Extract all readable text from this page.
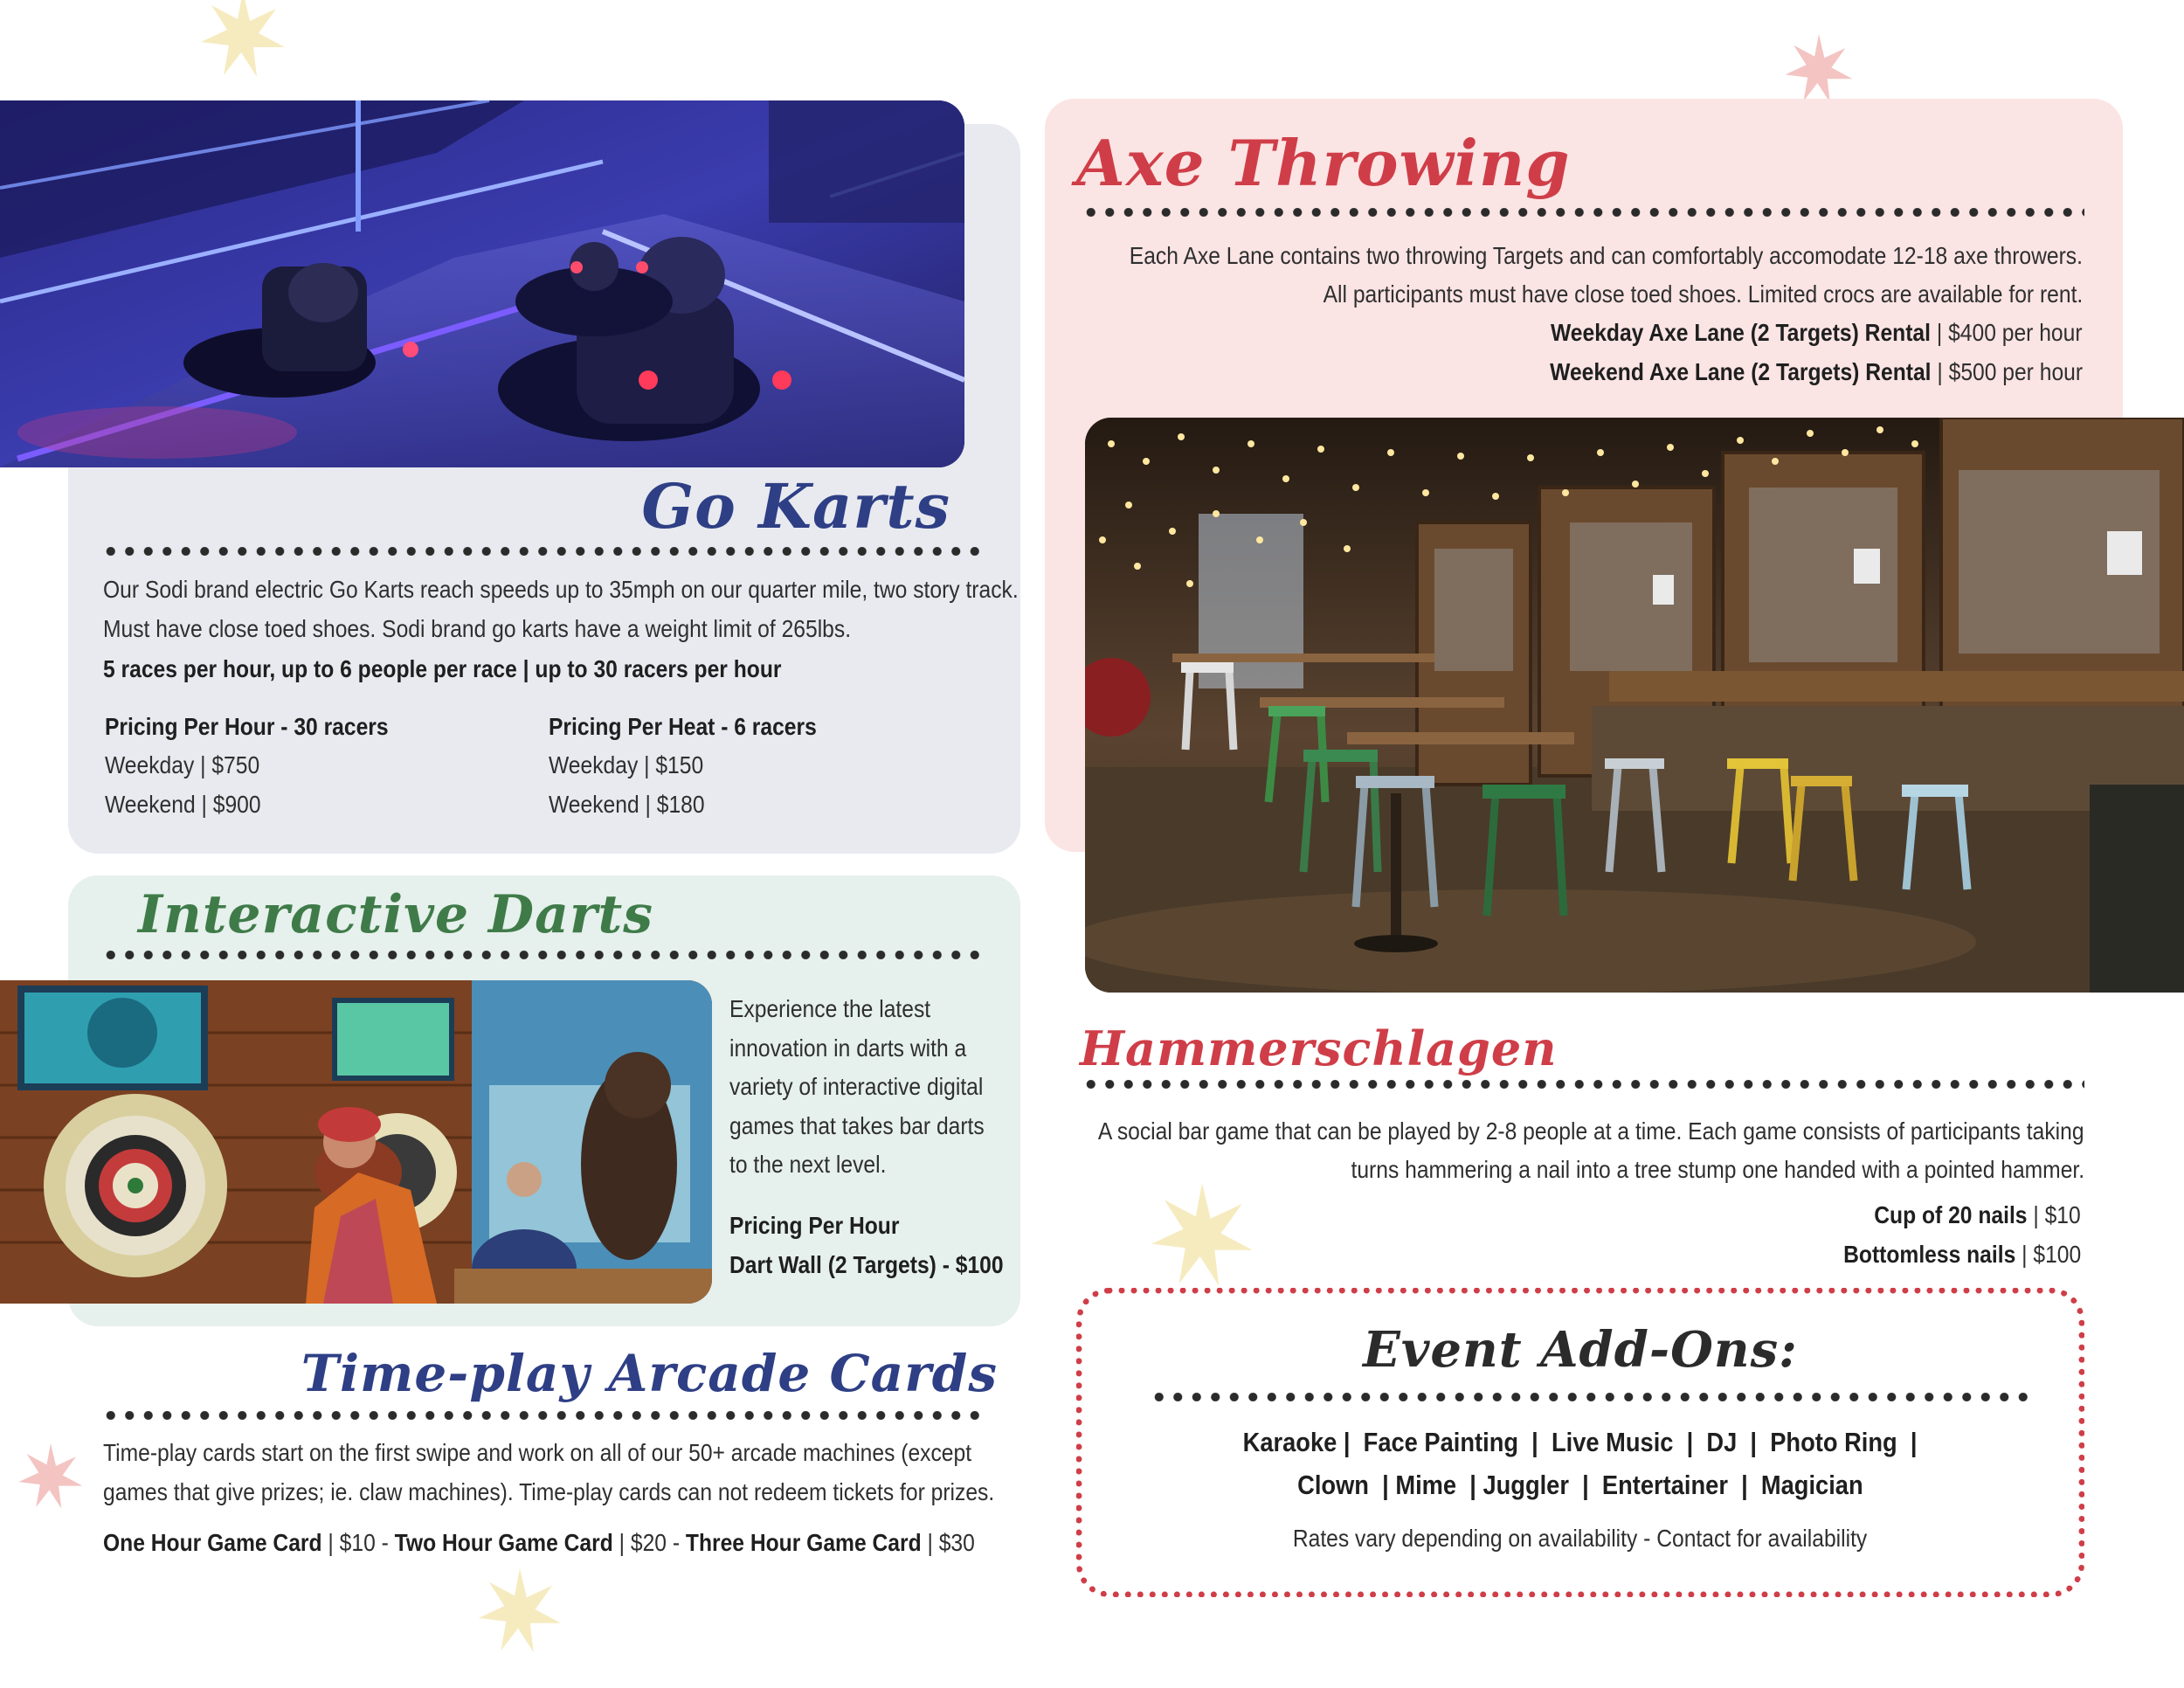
Go Karts
Our Sodi brand electric Go Karts reach speeds up to 35mph on our quarter mile, two story track.
Must have close toed shoes. Sodi brand go karts have a weight limit of 265lbs.
5 races per hour, up to 6 people per race | up to 30 racers per hour
Pricing Per Hour - 30 racers
Weekday | $750
Weekend | $900
Pricing Per Heat - 6 racers
Weekday | $150
Weekend | $180
Interactive Darts
Experience the latest
innovation in darts with a
variety of interactive digital
games that takes bar darts
to the next level.
Pricing Per Hour
Dart Wall (2 Targets) - $100
Time-play Arcade Cards
Time-play cards start on the first swipe and work on all of our 50+ arcade machines (except
games that give prizes; ie. claw machines). Time-play cards can not redeem tickets for prizes.
One Hour Game Card | $10 - Two Hour Game Card | $20 - Three Hour Game Card | $30
Axe Throwing
Each Axe Lane contains two throwing Targets and can comfortably accomodate 12-18 axe throwers.
All participants must have close toed shoes. Limited crocs are available for rent.
Weekday Axe Lane (2 Targets) Rental | $400 per hour
Weekend Axe Lane (2 Targets) Rental | $500 per hour
Hammerschlagen
A social bar game that can be played by 2-8 people at a time. Each game consists of participants taking
turns hammering a nail into a tree stump one handed with a pointed hammer.
Cup of 20 nails | $10
Bottomless nails | $100
Event Add-Ons:
Karaoke |  Face Painting  |  Live Music  |  DJ  |  Photo Ring  |
Clown  | Mime  | Juggler  |  Entertainer  |  Magician
Rates vary depending on availability - Contact for availability
